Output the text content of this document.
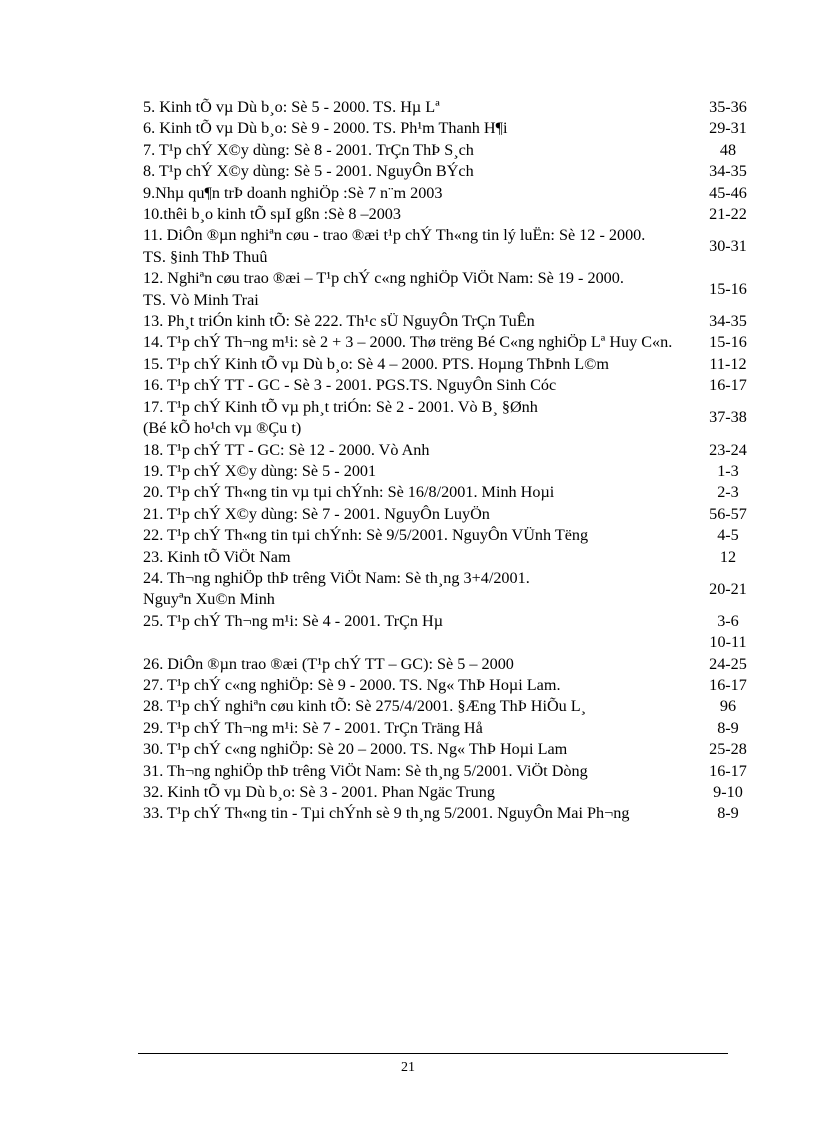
5. Kinh tÕ vµ Dù b¸o: Sè 5 - 2000. TS. Hµ Lª	35-36
6. Kinh tÕ vµ Dù b¸o: Sè 9 - 2000. TS. Ph¹m Thanh H¶i	29-31
7. T¹p chÝ X©y dùng: Sè 8 - 2001. TrÇn ThÞ S¸ch	48
8. T¹p chÝ X©y dùng: Sè 5 - 2001. NguyÔn BÝch	34-35
9.Nhµ qu¶n trÞ doanh nghiÖp :Sè 7 n¨m 2003	45-46
10.thêi b¸o kinh tÕ sµI gßn :Sè 8 –2003	21-22
11. DiÔn ®µn nghiªn cøu - trao ®æi t¹p chÝ Th«ng tin lý luËn: Sè 12 - 2000.
TS. §inh ThÞ Thuû
30-31
12. Nghiªn cøu trao ®æi – T¹p chÝ c«ng nghiÖp ViÖt Nam: Sè 19 - 2000.
TS. Vò Minh Trai
15-16
13. Ph¸t triÓn kinh tÕ: Sè 222. Th¹c sÜ NguyÔn TrÇn TuÊn	34-35
14. T¹p chÝ Th¬ng m¹i: sè 2 + 3 – 2000. Thø trëng Bé C«ng nghiÖp Lª Huy C«n.	15-16
15. T¹p chÝ Kinh tÕ vµ Dù b¸o: Sè 4 – 2000. PTS. Hoµng ThÞnh L©m	11-12
16. T¹p chÝ TT - GC - Sè 3 - 2001. PGS.TS. NguyÔn Sinh Cóc	16-17
17. T¹p chÝ Kinh tÕ vµ ph¸t triÓn: Sè 2 - 2001. Vò B¸ §Ønh
(Bé kÕ ho¹ch vµ ®Çu t)
37-38
18. T¹p chÝ TT - GC: Sè 12 - 2000. Vò Anh	23-24
19. T¹p chÝ X©y dùng: Sè 5 - 2001	1-3
20. T¹p chÝ Th«ng tin vµ tµi chÝnh: Sè 16/8/2001. Minh Hoµi	2-3
21. T¹p chÝ X©y dùng: Sè 7 - 2001. NguyÔn LuyÖn	56-57
22. T¹p chÝ Th«ng tin tµi chÝnh: Sè 9/5/2001. NguyÔn VÜnh Tëng	4-5
23. Kinh tÕ ViÖt Nam	12
24. Th¬ng nghiÖp thÞ trêng ViÖt Nam: Sè th¸ng 3+4/2001.
Nguyªn Xu©n Minh
20-21
25. T¹p chÝ Th¬ng m¹i: Sè 4 - 2001. TrÇn Hµ	3-6
10-11
26. DiÔn ®µn trao ®æi (T¹p chÝ TT – GC): Sè 5 – 2000	24-25
27. T¹p chÝ c«ng nghiÖp: Sè 9 - 2000. TS. Ng« ThÞ Hoµi Lam.	16-17
28. T¹p chÝ nghiªn cøu kinh tÕ: Sè 275/4/2001. §Æng ThÞ HiÕu L¸	96
29. T¹p chÝ Th¬ng m¹i: Sè 7 - 2001. TrÇn Träng Hå	8-9
30. T¹p chÝ c«ng nghiÖp: Sè 20 – 2000. TS. Ng« ThÞ Hoµi Lam	25-28
31. Th¬ng nghiÖp thÞ trêng ViÖt Nam: Sè th¸ng 5/2001. ViÖt Dòng	16-17
32. Kinh tÕ vµ Dù b¸o: Sè 3 - 2001. Phan Ngäc Trung	9-10
33. T¹p chÝ Th«ng tin - Tµi chÝnh sè 9 th¸ng 5/2001. NguyÔn Mai Ph¬ng	8-9
21
